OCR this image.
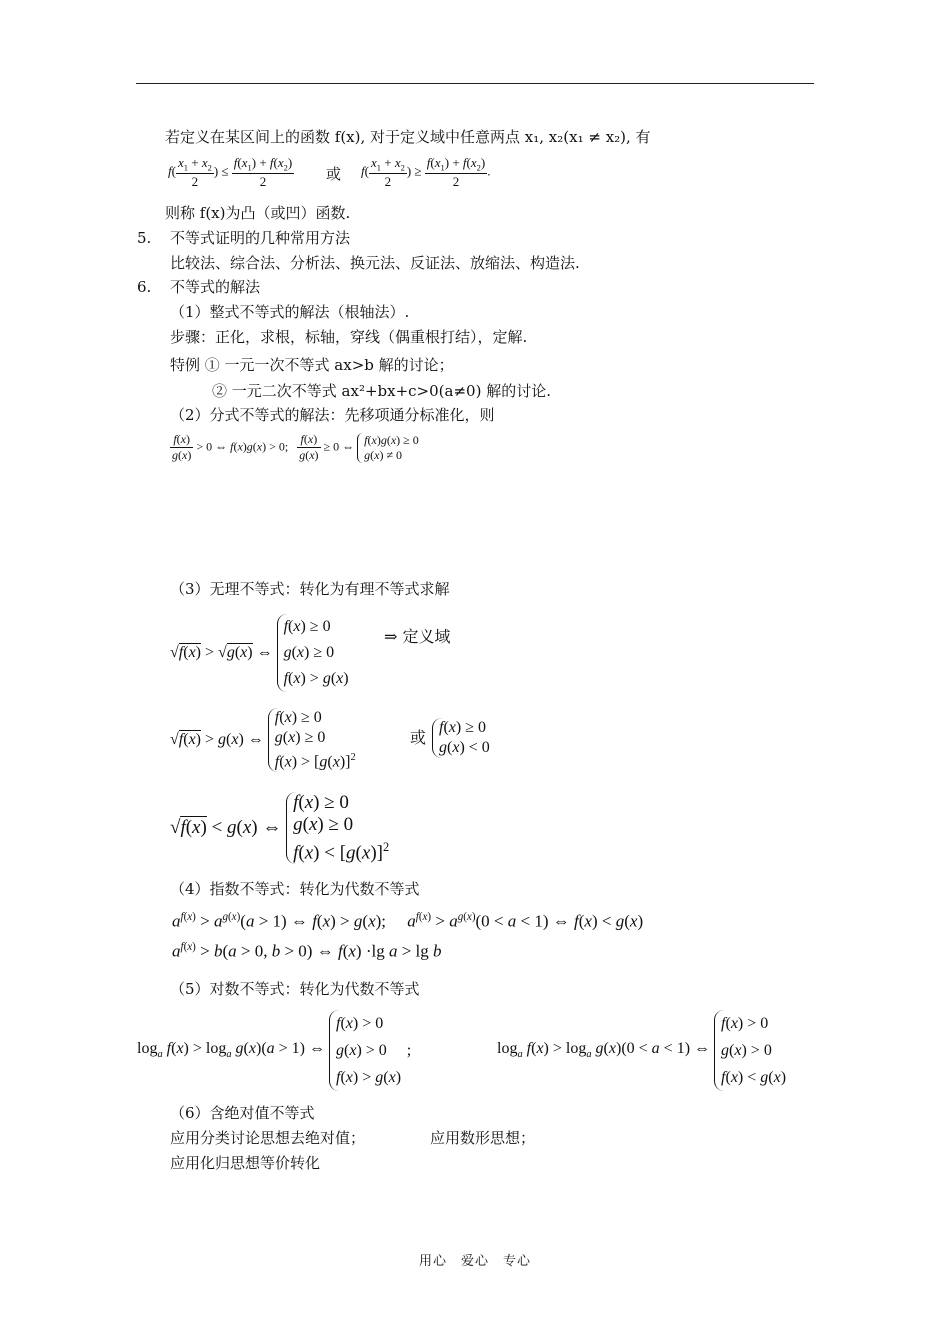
若定义在某区间上的函数 f(x), 对于定义域中任意两点 x₁, x₂(x₁ ≠ x₂), 有
$f( \frac{x_1 + x_2}{2}$ ) ≤ $\frac{f(x_1) + f(x_2)}{2}$ 或 $f( \frac{x_1 + x_2}{2}$ ) ≥ $\frac{f(x_1) + f(x_2)}{2}$ .
则称 f(x)为凸（或凹）函数.
5. 不等式证明的几种常用方法
比较法、综合法、分析法、换元法、反证法、放缩法、构造法.
6. 不等式的解法
（1）整式不等式的解法（根轴法）.
步骤：正化，求根，标轴，穿线（偶重根打结），定解.
特例 ① 一元一次不等式 ax>b 解的讨论；
② 一元二次不等式 ax²+bx+c>0(a≠0) 解的讨论.
（2）分式不等式的解法：先移项通分标准化，则
$\frac{f(x)}{g(x)} > 0$ ⇔ f(x)g(x) > 0; $\frac{f(x)}{g(x)} \ge 0$ ⇔ f(x)g(x) ≥ 0
g(x) ≠ 0
（3）无理不等式：转化为有理不等式求解
√f(x) > √g(x) ⇔
f(x) ≥ 0
g(x) ≥ 0
f(x) > g(x)
⇒ 定义域
√f(x) > g(x) ⇔
f(x) ≥ 0
g(x) ≥ 0
$f(x) > [g(x)]^2$
或
f(x) ≥ 0
g(x) < 0
√f(x) < g(x) ⇔
f(x) ≥ 0
g(x) ≥ 0
$f(x) < [g(x)]^2$
（4）指数不等式：转化为代数不等式
$a^{f(x)} > a^{g(x)}(a > 1)$ ⇔ f(x) > g(x);     $a^{f(x)} > a^{g(x)}(0 < a < 1)$ ⇔ f(x) < g(x)
$a^{f(x)} > b(a > 0$, b > 0) ⇔ f(x) ·lg a > lg b
（5）对数不等式：转化为代数不等式
$\log_a f(x) > \log_a g(x)(a > 1)$ ⇔
f(x) > 0
g(x) > 0     ;
f(x) > g(x)
$\log_a f(x) > \log_a g(x)(0 < a < 1)$ ⇔
f(x) > 0
g(x) > 0
f(x) < g(x)
（6）含绝对值不等式
应用分类讨论思想去绝对值；	应用数形思想；
应用化归思想等价转化
用心　爱心　专心
